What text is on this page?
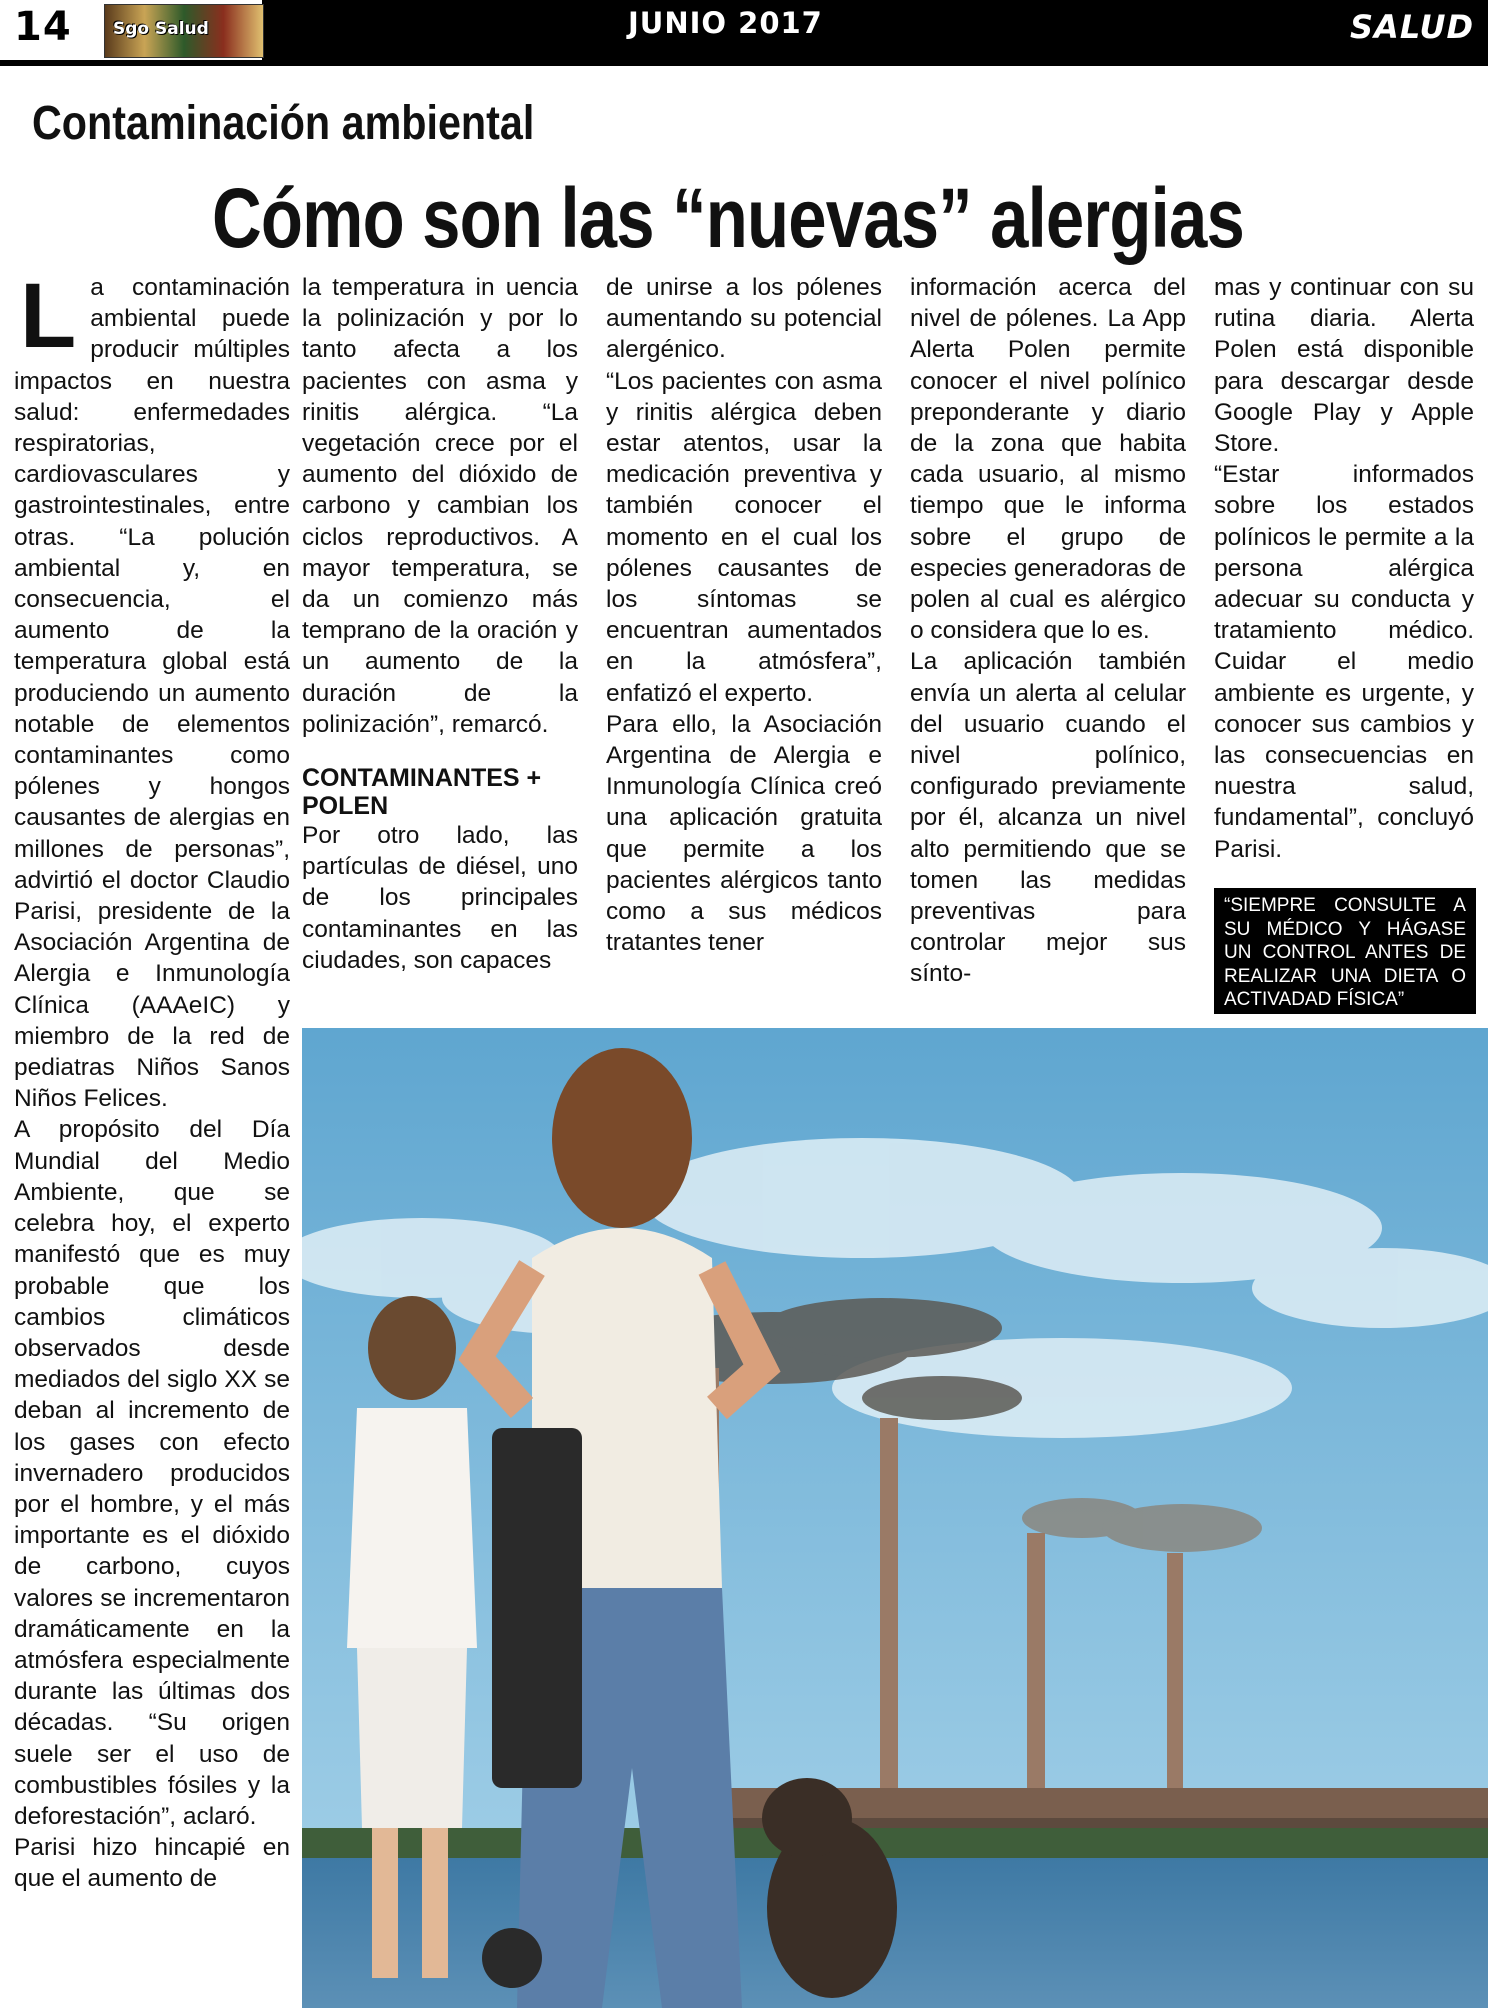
14 Sgo Salud	JUNIO 2017	SALUD
Contaminación ambiental
Cómo son las “nuevas” alergias
L a contaminación ambiental puede producir múltiples impactos en nuestra salud: enfermedades respiratorias, cardiovasculares y gastrointestinales, entre otras. “La polución ambiental y, en consecuencia, el aumento de la temperatura global está produciendo un aumento notable de elementos contaminantes como pólenes y hongos causantes de alergias en millones de personas”, advirtió el doctor Claudio Parisi, presidente de la Asociación Argentina de Alergia e Inmunología Clínica (AAAeIC) y miembro de la red de pediatras Niños Sanos Niños Felices.

A propósito del Día Mundial del Medio Ambiente, que se celebra hoy, el experto manifestó que es muy probable que los cambios climáticos observados desde mediados del siglo XX se deban al incremento de los gases con efecto invernadero producidos por el hombre, y el más importante es el dióxido de carbono, cuyos valores se incrementaron dramáticamente en la atmósfera especialmente durante las últimas dos décadas. “Su origen suele ser el uso de combustibles fósiles y la deforestación”, aclaró.

Parisi hizo hincapié en que el aumento de

la temperatura in uencia la polinización y por lo tanto afecta a los pacientes con asma y rinitis alérgica. “La vegetación crece por el aumento del dióxido de carbono y cambian los ciclos reproductivos. A mayor temperatura, se da un comienzo más temprano de la oración y un aumento de la duración de la polinización”, remarcó.

CONTAMINANTES + POLEN

Por otro lado, las partículas de diésel, uno de los principales contaminantes en las ciudades, son capaces

de unirse a los pólenes aumentando su potencial alergénico.

“Los pacientes con asma y rinitis alérgica deben estar atentos, usar la medicación preventiva y también conocer el momento en el cual los pólenes causantes de los síntomas se encuentran aumentados en la atmósfera”, enfatizó el experto.

Para ello, la Asociación Argentina de Alergia e Inmunología Clínica creó una aplicación gratuita que permite a los pacientes alérgicos tanto como a sus médicos tratantes tener

información acerca del nivel de pólenes. La App Alerta Polen permite conocer el nivel polínico preponderante y diario de la zona que habita cada usuario, al mismo tiempo que le informa sobre el grupo de especies generadoras de polen al cual es alérgico o considera que lo es.

La aplicación también envía un alerta al celular del usuario cuando el nivel polínico, configurado previamente por él, alcanza un nivel alto permitiendo que se tomen las medidas preventivas para controlar mejor sus sínto-

mas y continuar con su rutina diaria. Alerta Polen está disponible para descargar desde Google Play y Apple Store.

“Estar informados sobre los estados polínicos le permite a la persona alérgica adecuar su conducta y tratamiento médico. Cuidar el medio ambiente es urgente, y conocer sus cambios y las consecuencias en nuestra salud, fundamental”, concluyó Parisi.

“SIEMPRE CONSULTE A SU MÉDICO Y HÁGASE UN CONTROL ANTES DE REALIZAR UNA DIETA O ACTIVADAD FÍSICA”
